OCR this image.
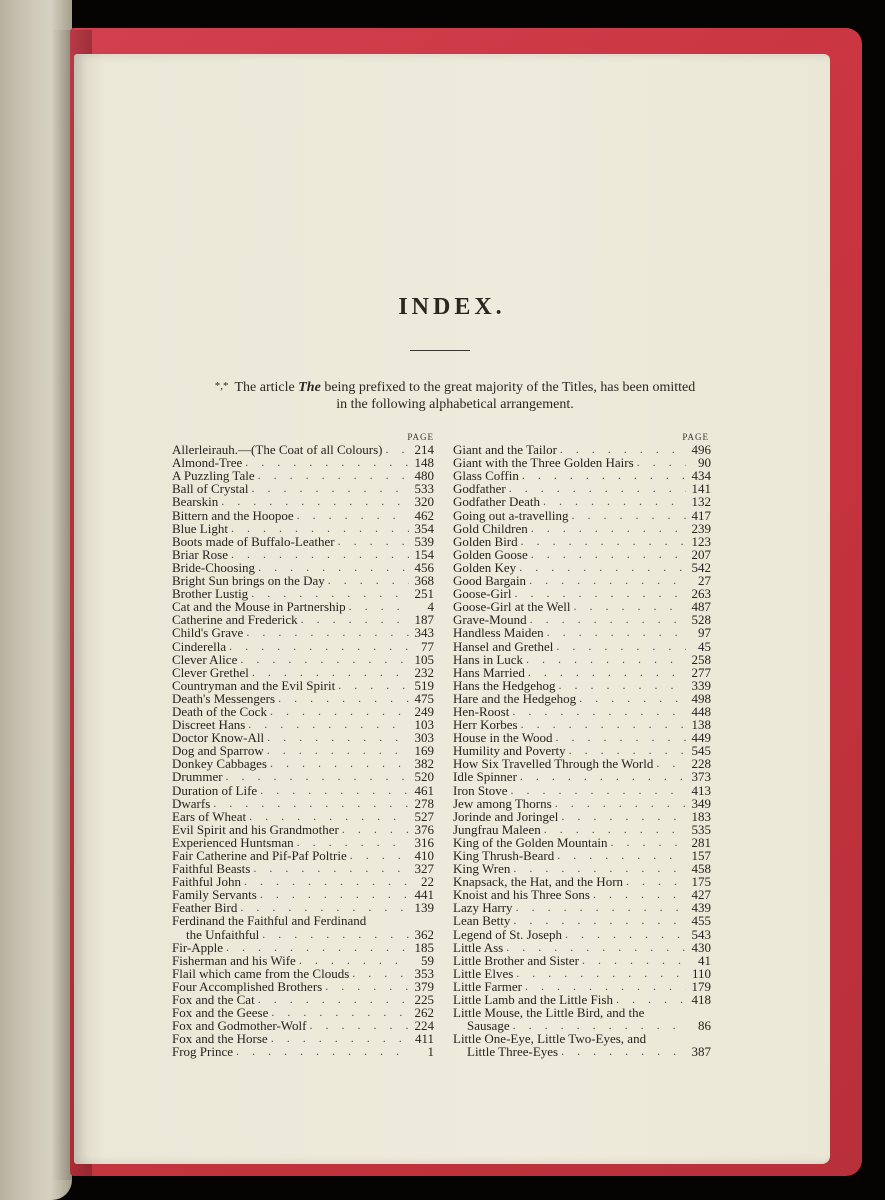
INDEX.
*,* The article The being prefixed to the great majority of the Titles, has been omitted
in the following alphabetical arrangement.
PAGE
Allerleirauh.—(The Coat of all Colours) . . . 214
Almond-Tree . . .	148
A Puzzling Tale . . .	480
Ball of Crystal . . .	533
Bearskin . . .	320
Bittern and the Hoopoe . . .	462
Blue Light . . .	354
Boots made of Buffalo-Leather . . .	539
Briar Rose . . .	154
Bride-Choosing . . .	456
Bright Sun brings on the Day . . .	368
Brother Lustig . . .	251
Cat and the Mouse in Partnership . . .	4
Catherine and Frederick . . .	187
Child's Grave . . .	343
Cinderella . . .	77
Clever Alice . . .	105
Clever Grethel . . .	232
Countryman and the Evil Spirit . . .	519
Death's Messengers . . .	475
Death of the Cock . . .	249
Discreet Hans . . .	103
Doctor Know-All . . .	303
Dog and Sparrow . . .	169
Donkey Cabbages . . .	382
Drummer . . .	520
Duration of Life . . .	461
Dwarfs . . .	278
Ears of Wheat . . .	527
Evil Spirit and his Grandmother . . .	376
Experienced Huntsman . . .	316
Fair Catherine and Pif-Paf Poltrie . . .	410
Faithful Beasts . . .	327
Faithful John . . .	22
Family Servants . . .	441
Feather Bird . . .	139
Ferdinand the Faithful and Ferdinand
the Unfaithful . . .	362
Fir-Apple . . .	185
Fisherman and his Wife . . .	59
Flail which came from the Clouds . . .	353
Four Accomplished Brothers . . .	379
Fox and the Cat . . .	225
Fox and the Geese . . .	262
Fox and Godmother-Wolf . . .	224
Fox and the Horse . . .	411
Frog Prince . . .	1
PAGE
Giant and the Tailor . . .	496
Giant with the Three Golden Hairs . . .	90
Glass Coffin . . .	434
Godfather . . .	141
Godfather Death . . .	132
Going out a-travelling . . .	417
Gold Children . . .	239
Golden Bird . . .	123
Golden Goose . . .	207
Golden Key . . .	542
Good Bargain . . .	27
Goose-Girl . . .	263
Goose-Girl at the Well . . .	487
Grave-Mound . . .	528
Handless Maiden . . .	97
Hansel and Grethel . . .	45
Hans in Luck . . .	258
Hans Married . . .	277
Hans the Hedgehog . . .	339
Hare and the Hedgehog . . .	498
Hen-Roost . . .	448
Herr Korbes . . .	138
House in the Wood . . .	449
Humility and Poverty . . .	545
How Six Travelled Through the World . . .	228
Idle Spinner . . .	373
Iron Stove . . .	413
Jew among Thorns . . .	349
Jorinde and Joringel . . .	183
Jungfrau Maleen . . .	535
King of the Golden Mountain . . .	281
King Thrush-Beard . . .	157
King Wren . . .	458
Knapsack, the Hat, and the Horn . . .	175
Knoist and his Three Sons . . .	427
Lazy Harry . . .	439
Lean Betty . . .	455
Legend of St. Joseph . . .	543
Little Ass . . .	430
Little Brother and Sister . . .	41
Little Elves . . .	110
Little Farmer . . .	179
Little Lamb and the Little Fish . . .	418
Little Mouse, the Little Bird, and the
Sausage . . .	86
Little One-Eye, Little Two-Eyes, and
Little Three-Eyes . . .	387
